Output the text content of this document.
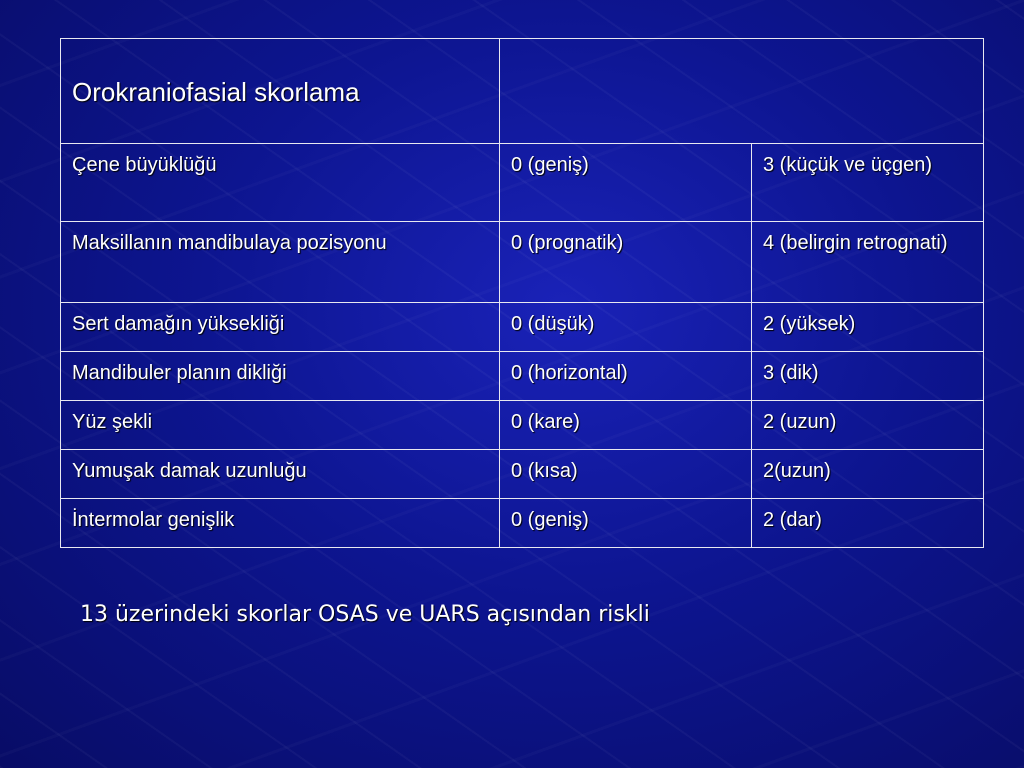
Orokraniofasial skorlama		
Çene büyüklüğü	0 (geniş)	3 (küçük ve üçgen)

Maksillanın mandibulaya pozisyonu	0 (prognatik)	4 (belirgin retrognati)

Sert damağın yüksekliği	0 (düşük)	2 (yüksek)
Mandibuler planın dikliği	0 (horizontal)	3 (dik)
Yüz şekli	0 (kare)	2 (uzun)
Yumuşak damak uzunluğu	0 (kısa)	2(uzun)
İntermolar genişlik	0 (geniş)	2 (dar)
13 üzerindeki skorlar OSAS ve UARS açısından riskli
